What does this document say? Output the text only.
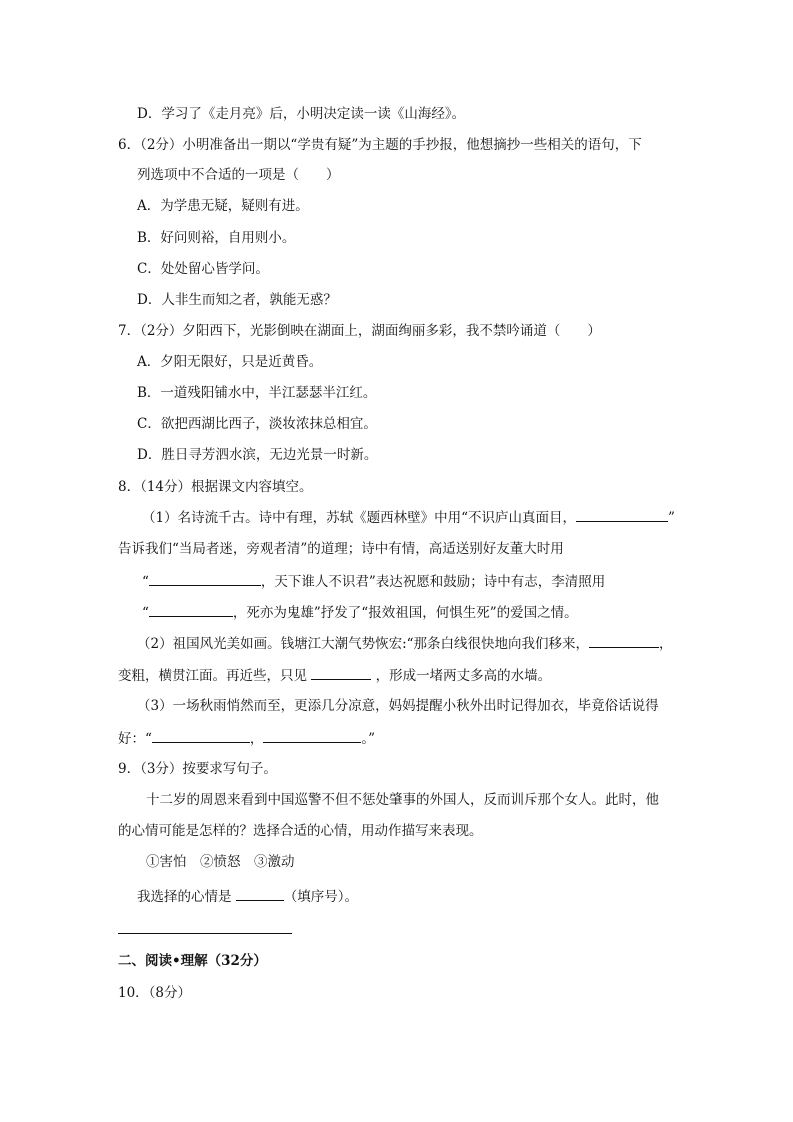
D．学习了《走月亮》后，小明决定读一读《山海经》。
6．（2分）小明准备出一期以“学贵有疑”为主题的手抄报，他想摘抄一些相关的语句，下
列选项中不合适的一项是（　　）
A．为学患无疑，疑则有进。
B．好问则裕，自用则小。
C．处处留心皆学问。
D．人非生而知之者，孰能无惑？
7．（2分）夕阳西下，光影倒映在湖面上，湖面绚丽多彩，我不禁吟诵道（　　）
A．夕阳无限好，只是近黄昏。
B．一道残阳铺水中，半江瑟瑟半江红。
C．欲把西湖比西子，淡妆浓抹总相宜。
D．胜日寻芳泗水滨，无边光景一时新。
8．（14分）根据课文内容填空。
（1）名诗流千古。诗中有理，苏轼《题西林壁》中用“不识庐山真面目，	”
告诉我们“当局者迷，旁观者清”的道理；诗中有情，高适送别好友董大时用
“	，天下谁人不识君”表达祝愿和鼓励；诗中有志，李清照用
“	，死亦为鬼雄”抒发了“报效祖国，何惧生死”的爱国之情。
（2）祖国风光美如画。钱塘江大潮气势恢宏:“那条白线很快地向我们移来，	，
变粗，横贯江面。再近些，只见	，形成一堵两丈多高的水墙。
（3）一场秋雨悄然而至，更添几分凉意，妈妈提醒小秋外出时记得加衣，毕竟俗话说得
好：“	，	。”
9．（3分）按要求写句子。
十二岁的周恩来看到中国巡警不但不惩处肇事的外国人，反而训斥那个女人。此时，他
的心情可能是怎样的？选择合适的心情，用动作描写来表现。
①害怕　②愤怒　③激动
我选择的心情是	（填序号）。
二、阅读•理解（32分）
10．（8分）
